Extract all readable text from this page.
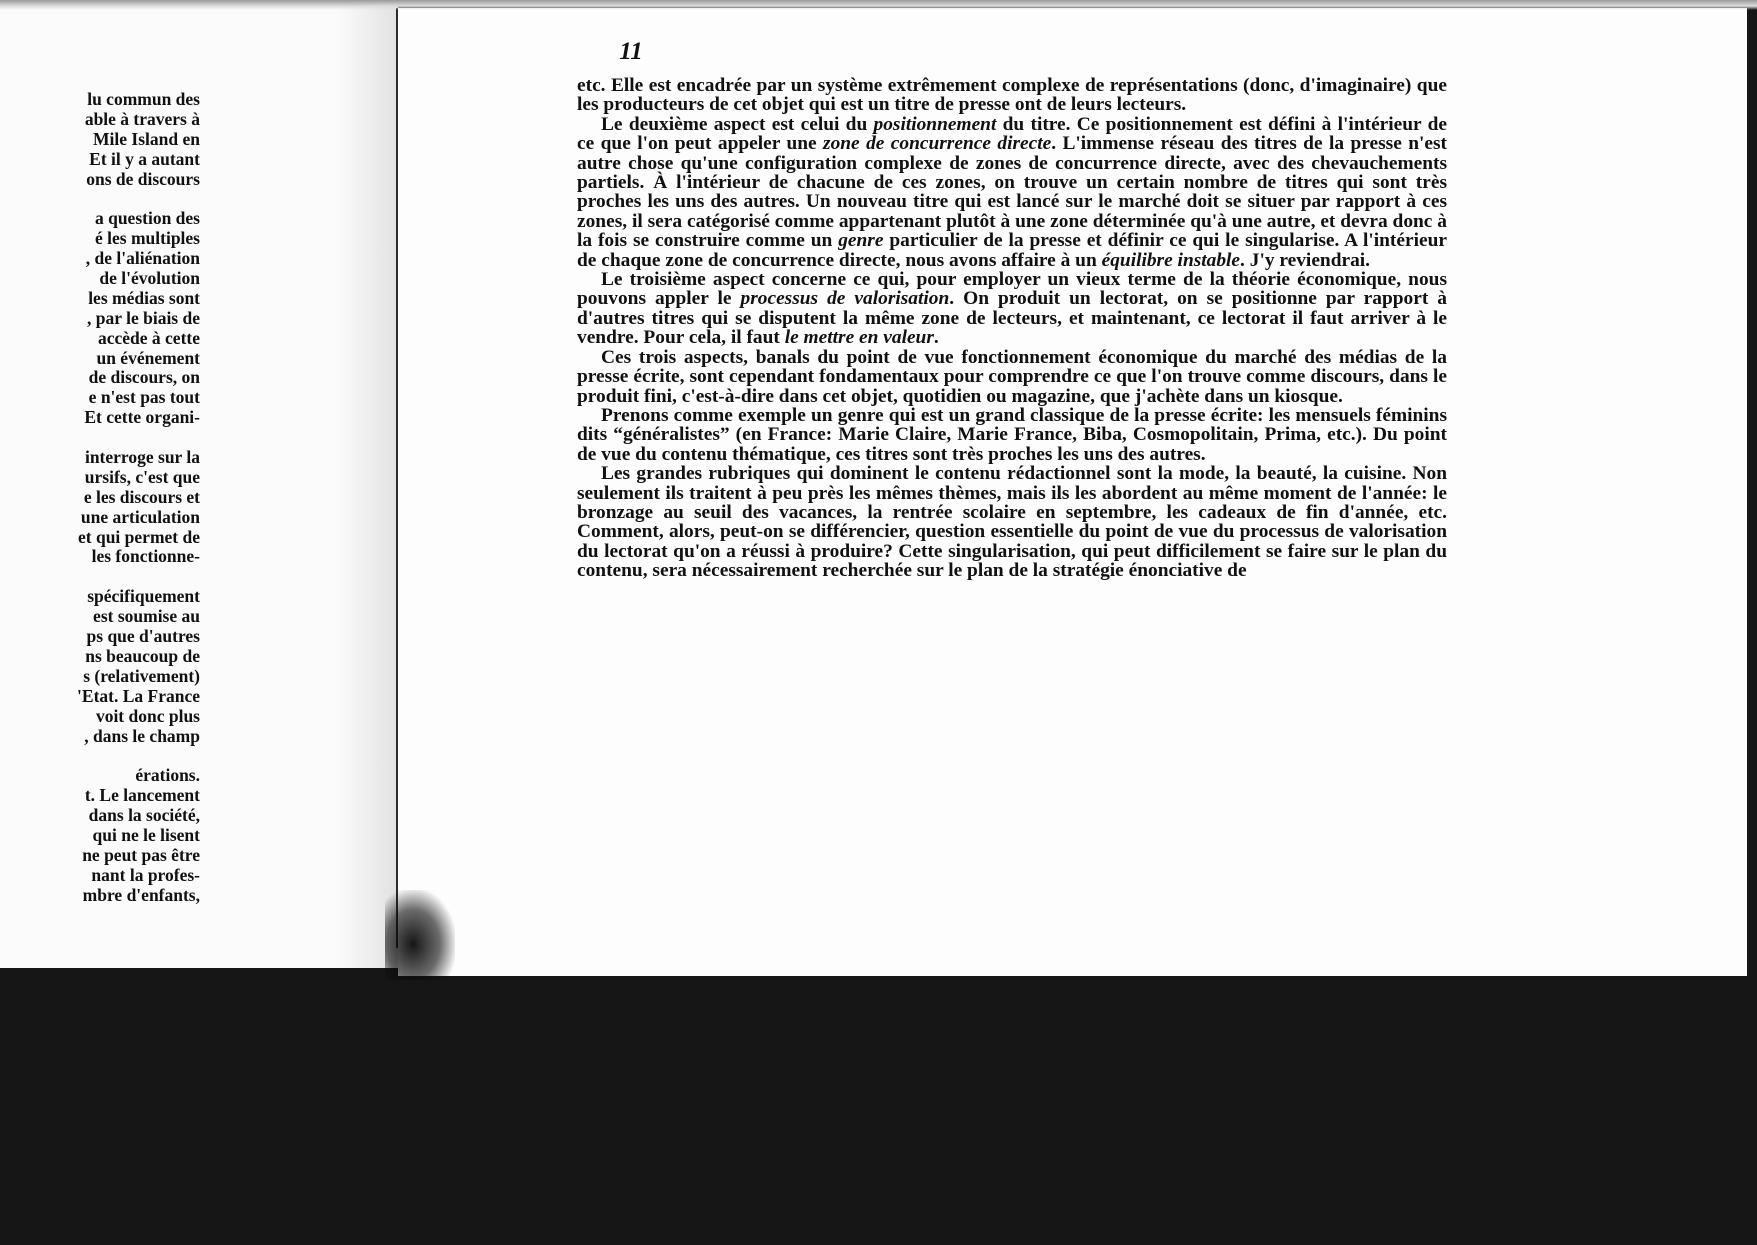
lu commun des
able à travers à
Mile Island en
Et il y a autant
ons de discours
a question des
é les multiples
, de l'aliénation
de l'évolution
les médias sont
, par le biais de
accède à cette
un événement
de discours, on
e n'est pas tout
Et cette organi-
interroge sur la
ursifs, c'est que
e les discours et
une articulation
et qui permet de
les fonctionne-
spécifiquement
est soumise au
ps que d'autres
ns beaucoup de
s (relativement)
'Etat. La France
voit donc plus
, dans le champ
érations.
t. Le lancement
dans la société,
qui ne le lisent
ne peut pas être
nant la profes-
mbre d'enfants,
11

etc. Elle est encadrée par un système extrêmement complexe de représentations (donc, d'imaginaire) que les producteurs de cet objet qui est un titre de presse ont de leurs lecteurs.

Le deuxième aspect est celui du positionnement du titre. Ce positionnement est défini à l'intérieur de ce que l'on peut appeler une zone de concurrence directe. L'immense réseau des titres de la presse n'est autre chose qu'une configuration complexe de zones de concurrence directe, avec des chevauchements partiels. À l'intérieur de chacune de ces zones, on trouve un certain nombre de titres qui sont très proches les uns des autres. Un nouveau titre qui est lancé sur le marché doit se situer par rapport à ces zones, il sera catégorisé comme appartenant plutôt à une zone déterminée qu'à une autre, et devra donc à la fois se construire comme un genre particulier de la presse et définir ce qui le singularise. A l'intérieur de chaque zone de concurrence directe, nous avons affaire à un équilibre instable. J'y reviendrai.

Le troisième aspect concerne ce qui, pour employer un vieux terme de la théorie économique, nous pouvons appler le processus de valorisation. On produit un lectorat, on se positionne par rapport à d'autres titres qui se disputent la même zone de lecteurs, et maintenant, ce lectorat il faut arriver à le vendre. Pour cela, il faut le mettre en valeur.

Ces trois aspects, banals du point de vue fonctionnement économique du marché des médias de la presse écrite, sont cependant fondamentaux pour comprendre ce que l'on trouve comme discours, dans le produit fini, c'est-à-dire dans cet objet, quotidien ou magazine, que j'achète dans un kiosque.

Prenons comme exemple un genre qui est un grand classique de la presse écrite: les mensuels féminins dits “généralistes” (en France: Marie Claire, Marie France, Biba, Cosmopolitain, Prima, etc.). Du point de vue du contenu thématique, ces titres sont très proches les uns des autres.

Les grandes rubriques qui dominent le contenu rédactionnel sont la mode, la beauté, la cuisine. Non seulement ils traitent à peu près les mêmes thèmes, mais ils les abordent au même moment de l'année: le bronzage au seuil des vacances, la rentrée scolaire en septembre, les cadeaux de fin d'année, etc. Comment, alors, peut-on se différencier, question essentielle du point de vue du processus de valorisation du lectorat qu'on a réussi à produire? Cette singularisation, qui peut difficilement se faire sur le plan du contenu, sera nécessairement recherchée sur le plan de la stratégie énonciative de
